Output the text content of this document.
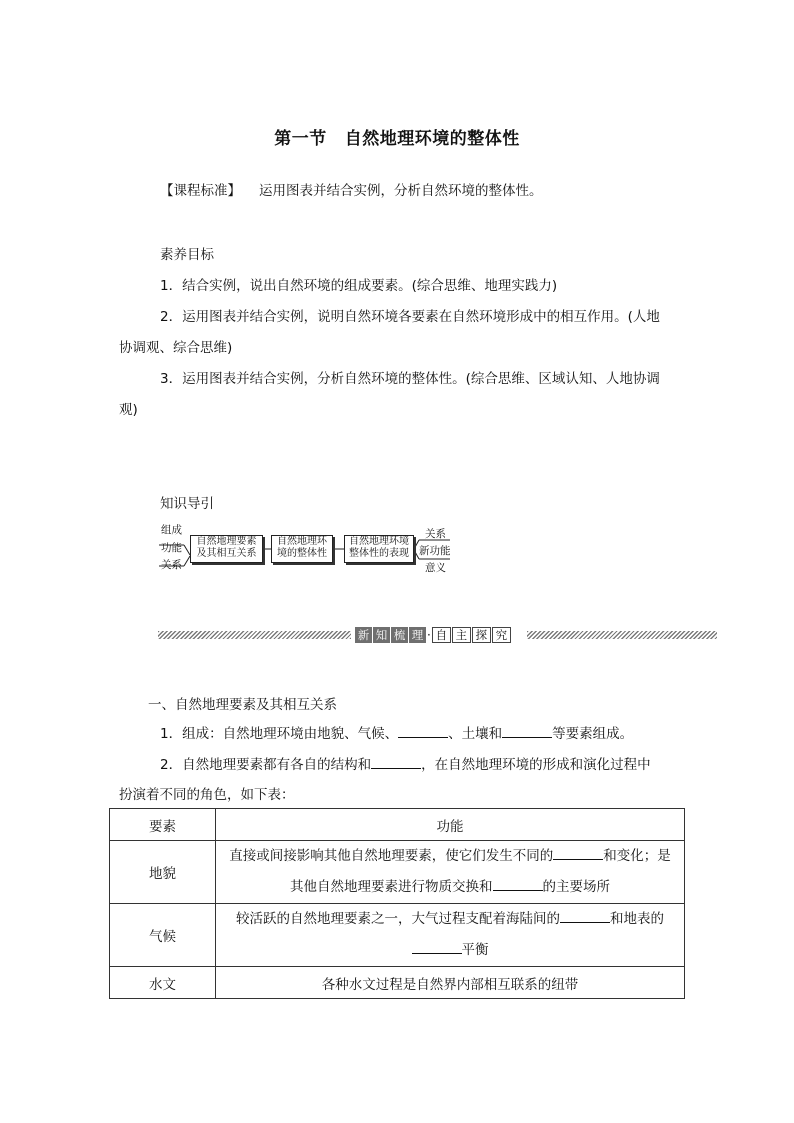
第一节 自然地理环境的整体性
【课程标准】 运用图表并结合实例，分析自然环境的整体性。
素养目标
1．结合实例，说出自然环境的组成要素。(综合思维、地理实践力)
2．运用图表并结合实例，说明自然环境各要素在自然环境形成中的相互作用。(人地
协调观、综合思维)
3．运用图表并结合实例，分析自然环境的整体性。(综合思维、区域认知、人地协调
观)
知识导引
组成
功能
关系
自然地理要素
及其相互关系
自然地理环
境的整体性
自然地理环境
整体性的表现
关系
新功能
意义
新 知 梳 理 · 自 主 探 究
一、自然地理要素及其相互关系
1．组成：自然地理环境由地貌、气候、	、土壤和	等要素组成。
2．自然地理要素都有各自的结构和	，在自然地理环境的形成和演化过程中
扮演着不同的角色，如下表：
要素	功能
地貌	直接或间接影响其他自然地理要素，使它们发生不同的 和变化；是
其他自然地理要素进行物质交换和 的主要场所

气候	较活跃的自然地理要素之一，大气过程支配着海陆间的 和地表的
平衡

水文	各种水文过程是自然界内部相互联系的纽带
